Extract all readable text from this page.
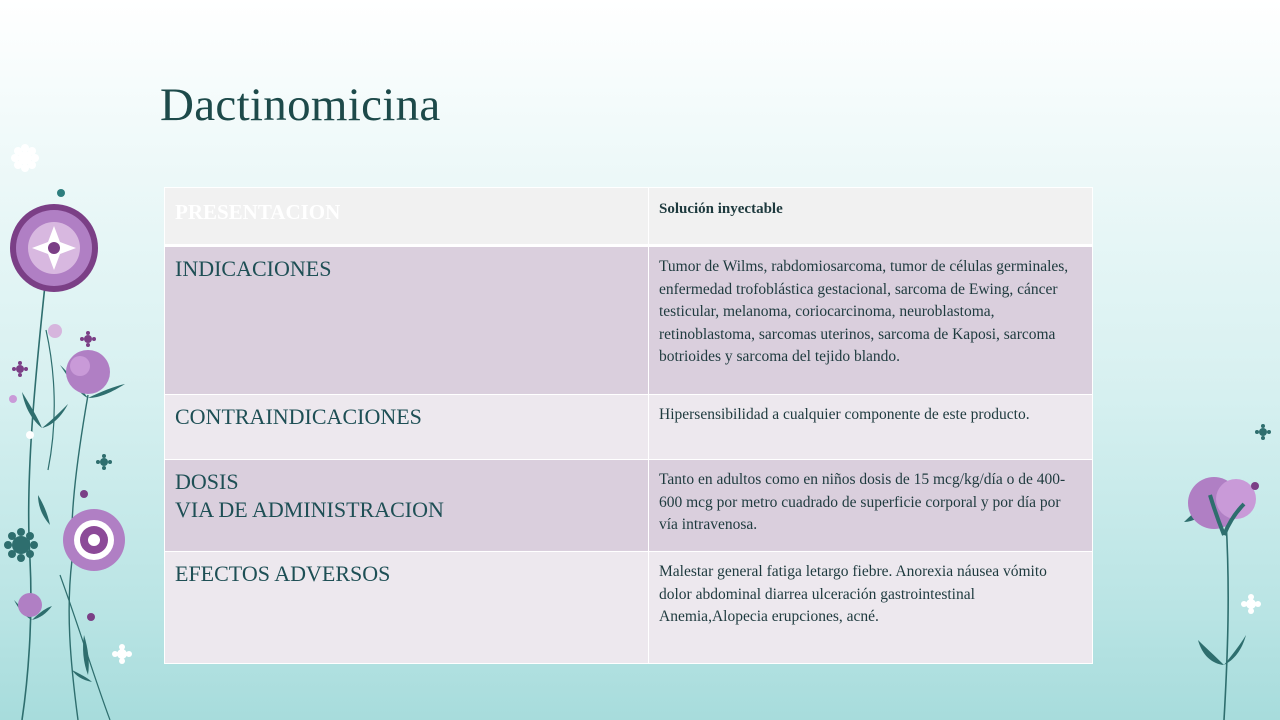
Dactinomicina
PRESENTACION	Solución inyectable

INDICACIONES	Tumor de Wilms, rabdomiosarcoma, tumor de células germinales, enfermedad trofoblástica gestacional, sarcoma de Ewing, cáncer testicular, melanoma, coriocarcinoma, neuroblastoma, retinoblastoma, sarcomas uterinos, sarcoma de Kaposi, sarcoma botrioides y sarcoma del tejido blando.

CONTRAINDICACIONES	Hipersensibilidad a cualquier componente de este producto.

DOSIS
VIA DE ADMINISTRACION	Tanto en adultos como en niños dosis de 15 mcg/kg/día o de 400-600 mcg por metro cuadrado de superficie corporal y por día por vía intravenosa.

EFECTOS ADVERSOS	Malestar general fatiga letargo fiebre. Anorexia náusea vómito dolor abdominal diarrea ulceración gastrointestinal Anemia,Alopecia erupciones, acné.
